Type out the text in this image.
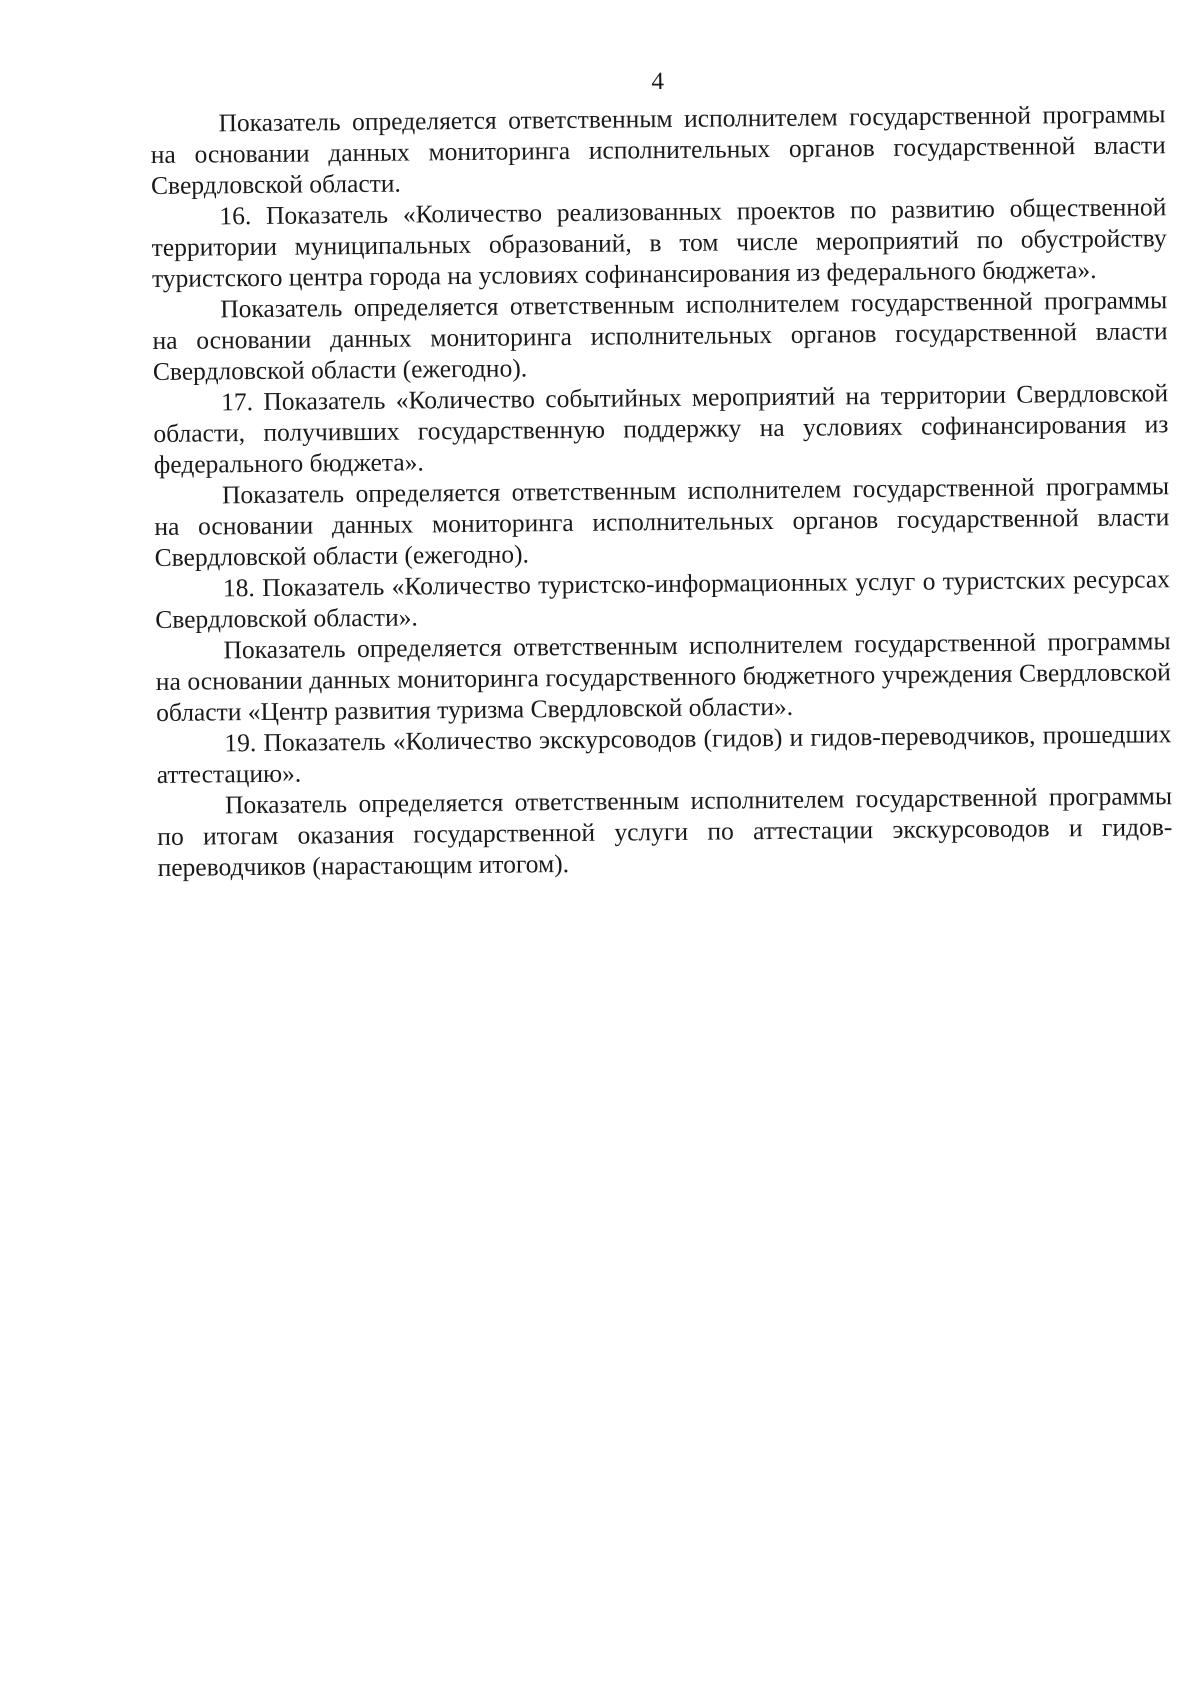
4

Показатель определяется ответственным исполнителем государственной программы на основании данных мониторинга исполнительных органов государственной власти Свердловской области.

16. Показатель «Количество реализованных проектов по развитию общественной территории муниципальных образований, в том числе мероприятий по обустройству туристского центра города на условиях софинансирования из федерального бюджета».

Показатель определяется ответственным исполнителем государственной программы на основании данных мониторинга исполнительных органов государственной власти Свердловской области (ежегодно).

17. Показатель «Количество событийных мероприятий на территории Свердловской области, получивших государственную поддержку на условиях софинансирования из федерального бюджета».

Показатель определяется ответственным исполнителем государственной программы на основании данных мониторинга исполнительных органов государственной власти Свердловской области (ежегодно).

18. Показатель «Количество туристско-информационных услуг о туристских ресурсах Свердловской области».

Показатель определяется ответственным исполнителем государственной программы на основании данных мониторинга государственного бюджетного учреждения Свердловской области «Центр развития туризма Свердловской области».

19. Показатель «Количество экскурсоводов (гидов) и гидов-переводчиков, прошедших аттестацию».

Показатель определяется ответственным исполнителем государственной программы по итогам оказания государственной услуги по аттестации экскурсоводов и гидов-переводчиков (нарастающим итогом).
